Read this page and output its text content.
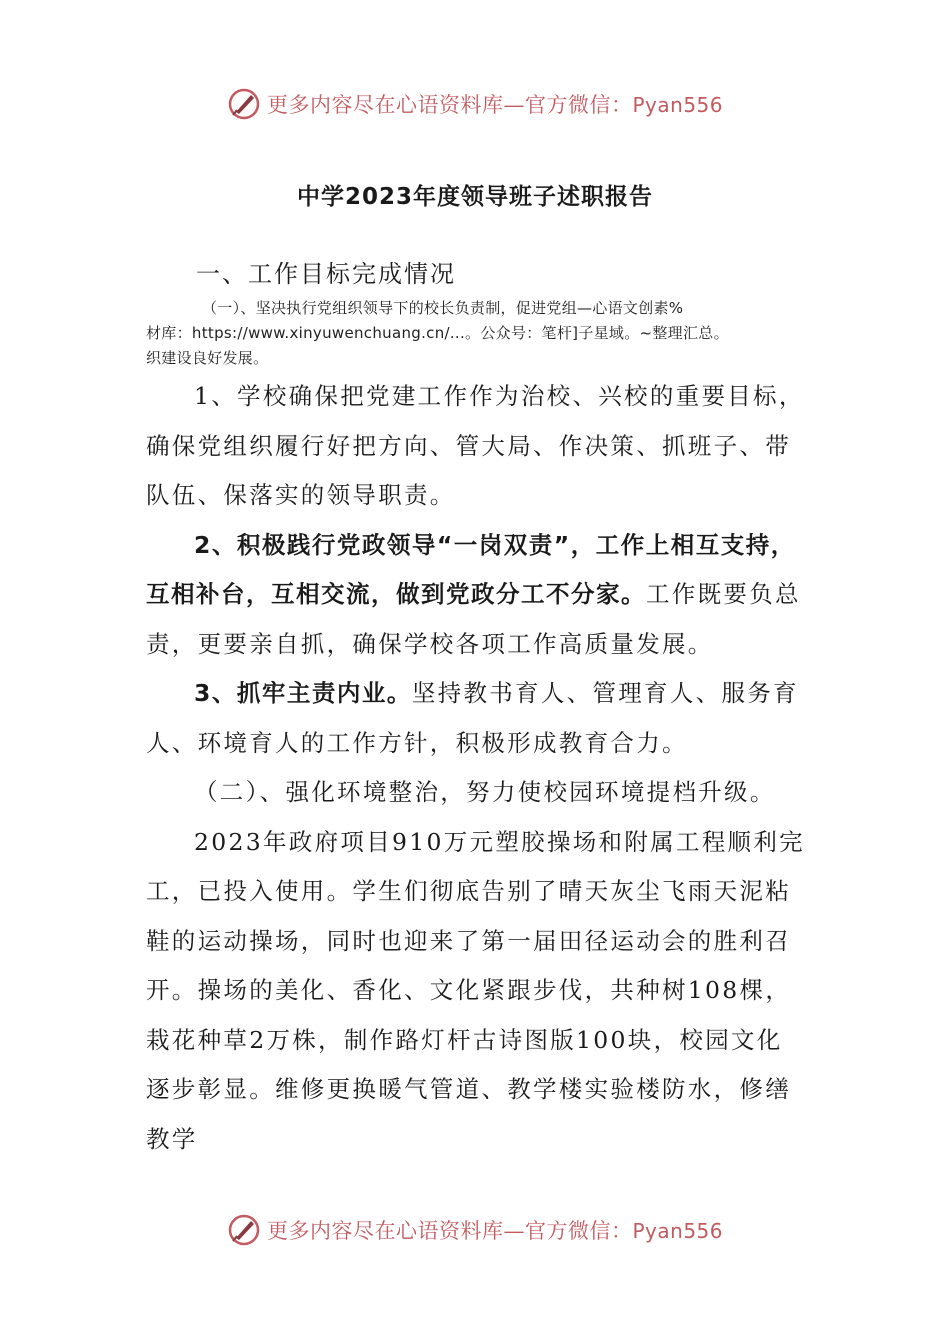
更多内容尽在心语资料库—官方微信：Pyan556
中学2023年度领导班子述职报告
一、工作目标完成情况
（一）、坚决执行党组织领导下的校长负责制，促进党组—心语文创素%
材库：https://www.xinyuwenchuang.cn/...。公众号：笔杆]子星域。~整理汇总。
织建设良好发展。
1、学校确保把党建工作作为治校、兴校的重要目标，确保党组织履行好把方向、管大局、作决策、抓班子、带队伍、保落实的领导职责。
2、积极践行党政领导“一岗双责”，工作上相互支持，互相补台，互相交流，做到党政分工不分家。工作既要负总责，更要亲自抓，确保学校各项工作高质量发展。
3、抓牢主责内业。坚持教书育人、管理育人、服务育人、环境育人的工作方针，积极形成教育合力。
（二）、强化环境整治，努力使校园环境提档升级。
2023年政府项目910万元塑胶操场和附属工程顺利完工，已投入使用。学生们彻底告别了晴天灰尘飞雨天泥粘鞋的运动操场，同时也迎来了第一届田径运动会的胜利召开。操场的美化、香化、文化紧跟步伐，共种树108棵，栽花种草2万株，制作路灯杆古诗图版100块，校园文化逐步彰显。维修更换暖气管道、教学楼实验楼防水，修缮教学
更多内容尽在心语资料库—官方微信：Pyan556
